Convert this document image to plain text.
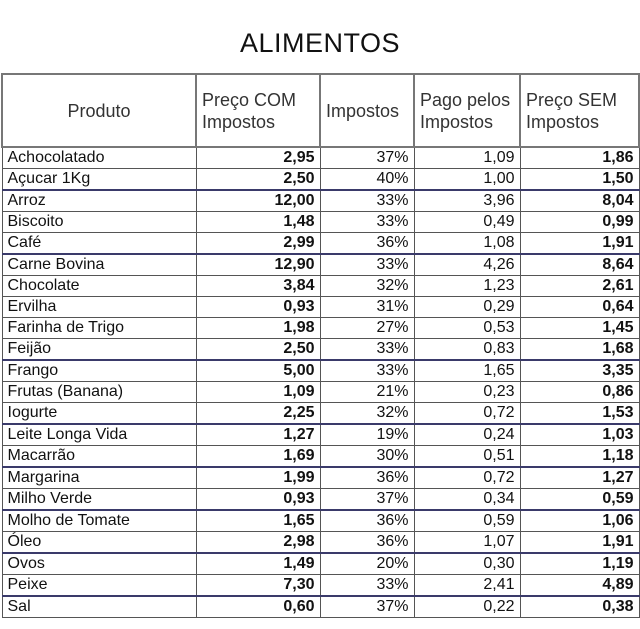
ALIMENTOS
Produto	Preço COM Impostos	Impostos	Pago pelos Impostos	Preço SEM Impostos
Achocolatado	2,95	37%	1,09	1,86
Açucar 1Kg	2,50	40%	1,00	1,50
Arroz	12,00	33%	3,96	8,04
Biscoito	1,48	33%	0,49	0,99
Café	2,99	36%	1,08	1,91
Carne Bovina	12,90	33%	4,26	8,64
Chocolate	3,84	32%	1,23	2,61
Ervilha	0,93	31%	0,29	0,64
Farinha de Trigo	1,98	27%	0,53	1,45
Feijão	2,50	33%	0,83	1,68
Frango	5,00	33%	1,65	3,35
Frutas (Banana)	1,09	21%	0,23	0,86
Iogurte	2,25	32%	0,72	1,53
Leite Longa Vida	1,27	19%	0,24	1,03
Macarrão	1,69	30%	0,51	1,18
Margarina	1,99	36%	0,72	1,27
Milho Verde	0,93	37%	0,34	0,59
Molho de Tomate	1,65	36%	0,59	1,06
Óleo	2,98	36%	1,07	1,91
Ovos	1,49	20%	0,30	1,19
Peixe	7,30	33%	2,41	4,89
Sal	0,60	37%	0,22	0,38
